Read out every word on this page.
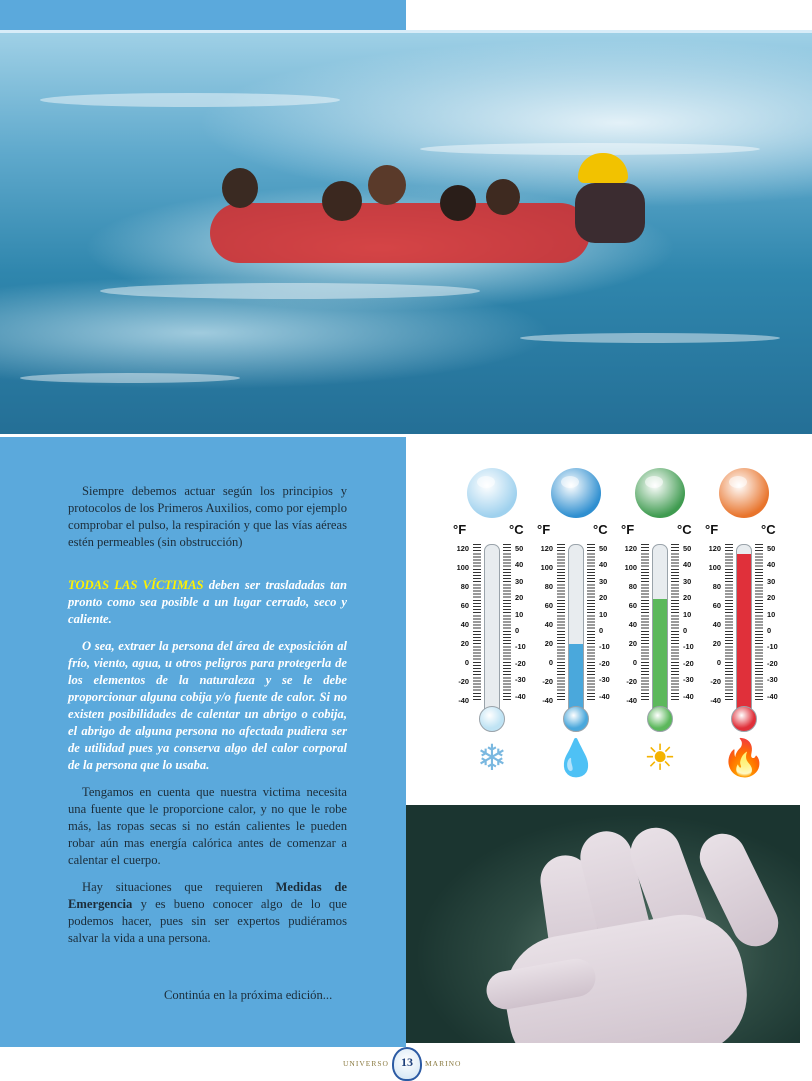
Siempre debemos actuar según los principios y protocolos de los Primeros Auxilios, como por ejemplo comprobar el pulso, la respiración y que las vías aéreas estén permeables (sin obstrucción)

TODAS LAS VÍCTIMAS deben ser trasladadas tan pronto como sea posible a un lugar cerrado, seco y caliente.

O sea, extraer la persona del área de exposición al frío, viento, agua, u otros peligros para protegerla de los elementos de la naturaleza y se le debe proporcionar alguna cobija y/o fuente de calor. Si no existen posibilidades de calentar un abrigo o cobija, el abrigo de alguna persona no afectada pudiera ser de utilidad pues ya conserva algo del calor corporal de la persona que lo usaba.

Tengamos en cuenta que nuestra victima necesita una fuente que le proporcione calor, y no que le robe más, las ropas secas si no están calientes le pueden robar aún mas energía calórica antes de comenzar a calentar el cuerpo.

Hay situaciones que requieren Medidas de Emergencia y es bueno conocer algo de lo que podemos hacer, pues sin ser expertos pudiéramos salvar la vida a una persona.

Continúa en la próxima edición...
°F	°C
120
100
80
60
40
20
0
-20
-40
50
40
30
20
10
0
-10
-20
-30
-40
❄
°F	°C
120
100
80
60
40
20
0
-20
-40
50
40
30
20
10
0
-10
-20
-30
-40
💧
°F	°C
120
100
80
60
40
20
0
-20
-40
50
40
30
20
10
0
-10
-20
-30
-40
☀
°F	°C
120
100
80
60
40
20
0
-20
-40
50
40
30
20
10
0
-10
-20
-30
-40
🔥
UNIVERSO	13	MARINO
